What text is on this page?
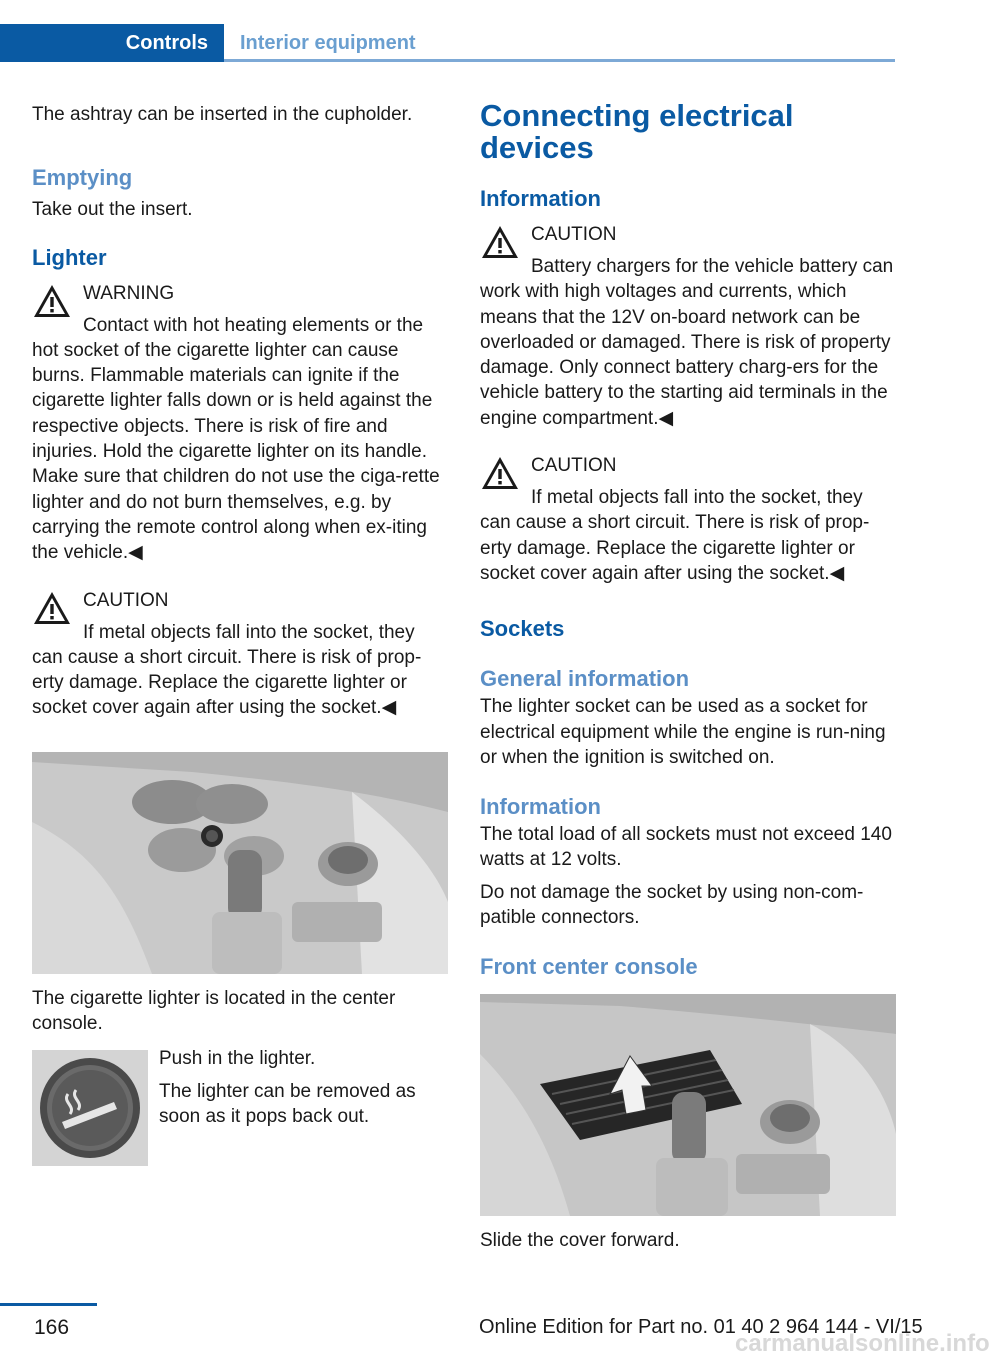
Controls	Interior equipment

The ashtray can be inserted in the cupholder.

Emptying

Take out the insert.

Lighter
WARNING
Contact with hot heating elements or the hot socket of the cigarette lighter can cause burns. Flammable materials can ignite if the cigarette lighter falls down or is held against the respective objects. There is risk of fire and injuries. Hold the cigarette lighter on its handle. Make sure that children do not use the ciga-rette lighter and do not burn themselves, e.g. by carrying the remote control along when ex-iting the vehicle.◀
CAUTION
If metal objects fall into the socket, they can cause a short circuit. There is risk of prop-erty damage. Replace the cigarette lighter or socket cover again after using the socket.◀

The cigarette lighter is located in the center console.

Push in the lighter.

The lighter can be removed as soon as it pops back out.

Connecting electrical devices
Information
CAUTION
Battery chargers for the vehicle battery can work with high voltages and currents, which means that the 12V on-board network can be overloaded or damaged. There is risk of property damage. Only connect battery charg-ers for the vehicle battery to the starting aid terminals in the engine compartment.◀
CAUTION
If metal objects fall into the socket, they can cause a short circuit. There is risk of prop-erty damage. Replace the cigarette lighter or socket cover again after using the socket.◀
Sockets
General information

The lighter socket can be used as a socket for electrical equipment while the engine is run-ning or when the ignition is switched on.

Information

The total load of all sockets must not exceed 140 watts at 12 volts.

Do not damage the socket by using non-com-patible connectors.

Front center console

Slide the cover forward.

166	Online Edition for Part no. 01 40 2 964 144 - VI/15
carmanualsonline.info
